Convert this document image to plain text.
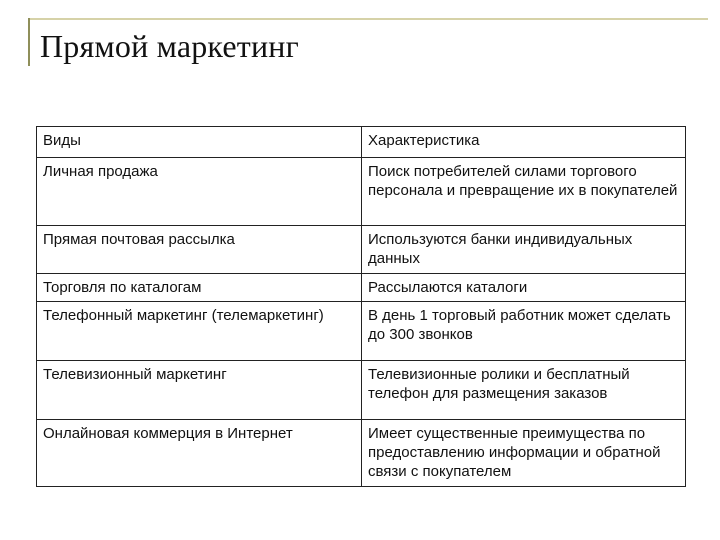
Прямой маркетинг
Виды	Характеристика
Личная продажа	Поиск потребителей силами торгового персонала и превращение их в покупателей
Прямая почтовая рассылка	Используются банки индивидуальных данных
Торговля по каталогам	Рассылаются каталоги
Телефонный маркетинг (телемаркетинг)	В день 1 торговый работник может сделать до 300 звонков
Телевизионный маркетинг	Телевизионные ролики и бесплатный телефон для размещения заказов
Онлайновая коммерция в Интернет	Имеет существенные преимущества по предоставлению информации и обратной связи с покупателем
